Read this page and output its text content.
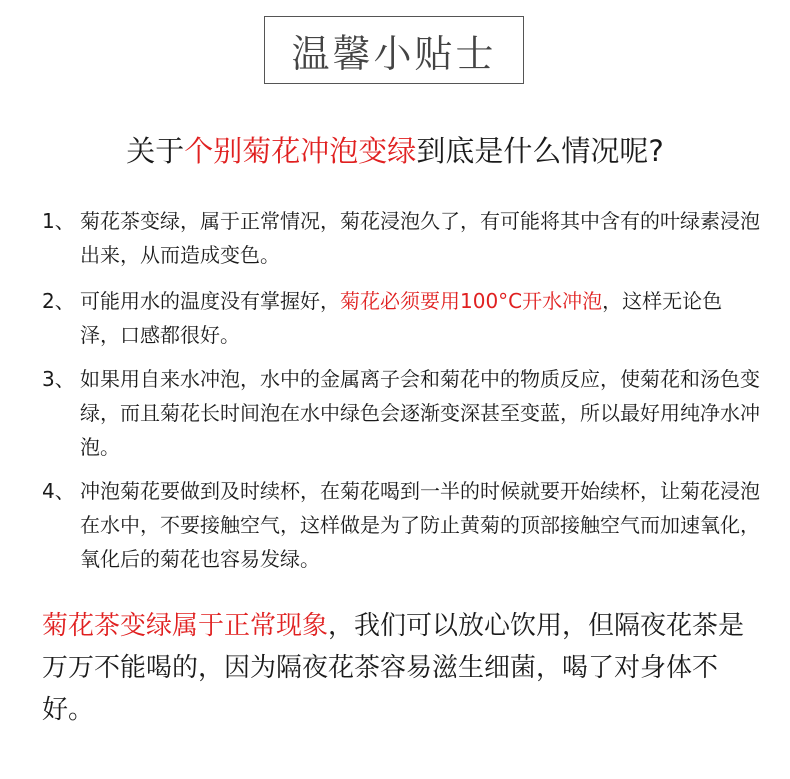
温馨小贴士
关于个别菊花冲泡变绿到底是什么情况呢?
1、 菊花茶变绿，属于正常情况，菊花浸泡久了，有可能将其中含有的叶绿素浸泡出来，从而造成变色。
2、 可能用水的温度没有掌握好，菊花必须要用100°C开水冲泡，这样无论色泽，口感都很好。
3、 如果用自来水冲泡，水中的金属离子会和菊花中的物质反应，使菊花和汤色变绿，而且菊花长时间泡在水中绿色会逐渐变深甚至变蓝，所以最好用纯净水冲泡。
4、 冲泡菊花要做到及时续杯，在菊花喝到一半的时候就要开始续杯，让菊花浸泡在水中，不要接触空气，这样做是为了防止黄菊的顶部接触空气而加速氧化，氧化后的菊花也容易发绿。
菊花茶变绿属于正常现象，我们可以放心饮用，但隔夜花茶是万万不能喝的，因为隔夜花茶容易滋生细菌，喝了对身体不好。
